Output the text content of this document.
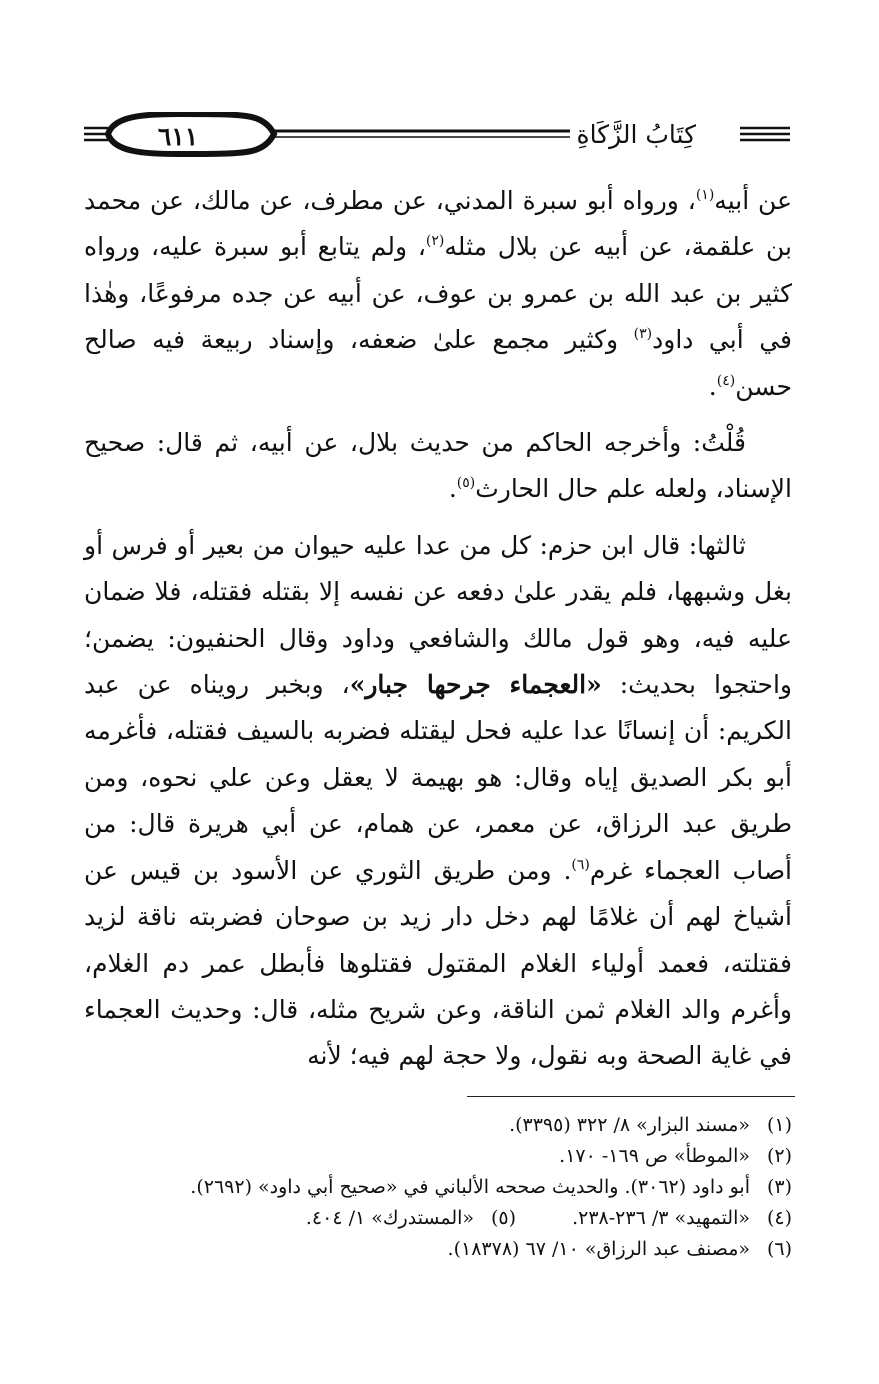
٦١١	كِتَابُ الزَّكَاةِ

عن أبيه$^{(١)}$، ورواه أبو سبرة المدني، عن مطرف، عن مالك، عن محمد بن علقمة، عن أبيه عن بلال مثله$^{(٢)}$، ولم يتابع أبو سبرة عليه، ورواه كثير بن عبد الله بن عمرو بن عوف، عن أبيه عن جده مرفوعًا، وهٰذا في أبي داود$^{(٣)}$ وكثير مجمع علىٰ ضعفه، وإسناد ربيعة فيه صالح حسن$^{(٤)}$.

قُلْتُ: وأخرجه الحاكم من حديث بلال، عن أبيه، ثم قال: صحيح الإسناد، ولعله علم حال الحارث$^{(٥)}$.

ثالثها: قال ابن حزم: كل من عدا عليه حيوان من بعير أو فرس أو بغل وشبهها، فلم يقدر علىٰ دفعه عن نفسه إلا بقتله فقتله، فلا ضمان عليه فيه، وهو قول مالك والشافعي وداود وقال الحنفيون: يضمن؛ واحتجوا بحديث: «العجماء جرحها جبار»، وبخبر رويناه عن عبد الكريم: أن إنسانًا عدا عليه فحل ليقتله فضربه بالسيف فقتله، فأغرمه أبو بكر الصديق إياه وقال: هو بهيمة لا يعقل وعن علي نحوه، ومن طريق عبد الرزاق، عن معمر، عن همام، عن أبي هريرة قال: من أصاب العجماء غرم$^{(٦)}$. ومن طريق الثوري عن الأسود بن قيس عن أشياخ لهم أن غلامًا لهم دخل دار زيد بن صوحان فضربته ناقة لزيد فقتلته، فعمد أولياء الغلام المقتول فقتلوها فأبطل عمر دم الغلام، وأغرم والد الغلام ثمن الناقة، وعن شريح مثله، قال: وحديث العجماء في غاية الصحة وبه نقول، ولا حجة لهم فيه؛ لأنه

(١)
«مسند البزار» ٨/ ٣٢٢ (٣٣٩٥).
(٢)
«الموطأ» ص ١٦٩- ١٧٠.
(٣)
أبو داود (٣٠٦٢). والحديث صححه الألباني في «صحيح أبي داود» (٢٦٩٢).
(٤)
«التمهيد» ٣/ ٢٣٦-٢٣٨.
(٥)
«المستدرك» ١/ ٤٠٤.
(٦)
«مصنف عبد الرزاق» ١٠/ ٦٧ (١٨٣٧٨).
